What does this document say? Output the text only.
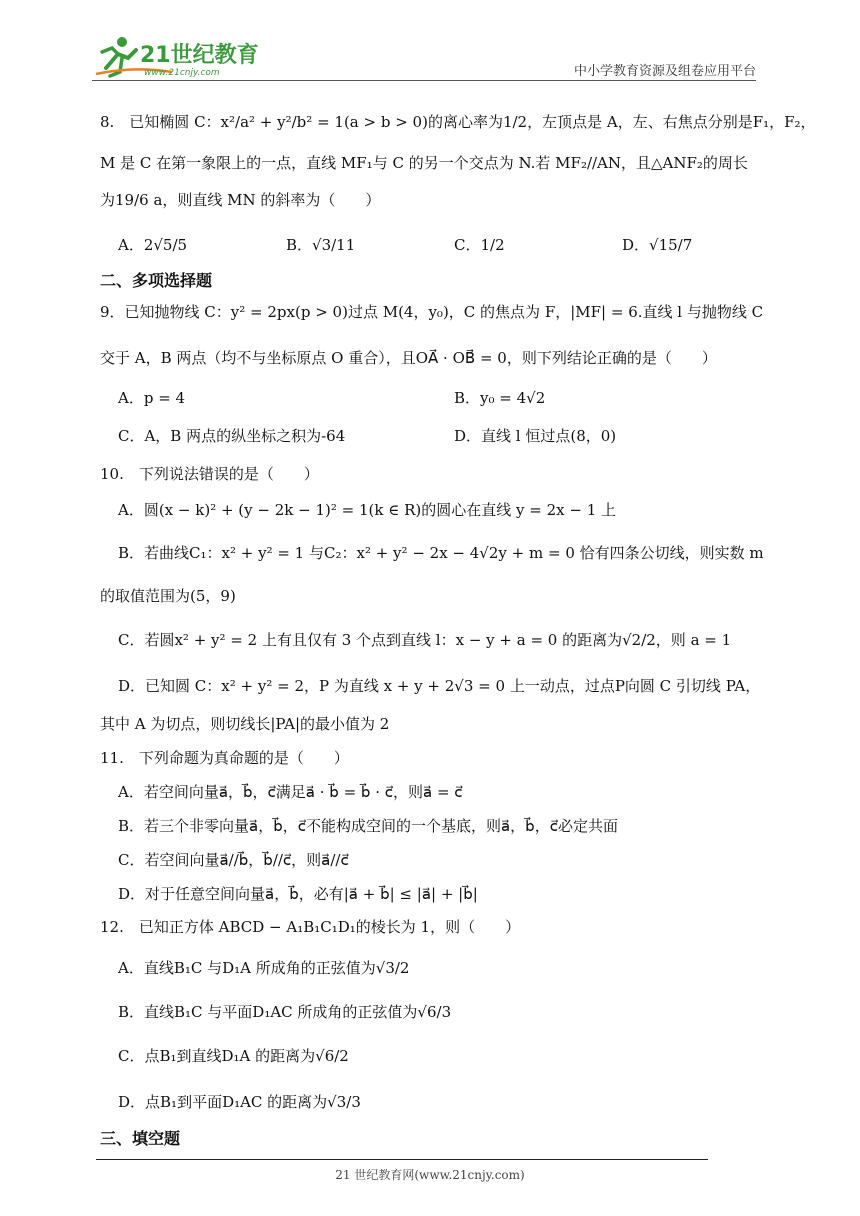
21世纪教育
www.21cnjy.com	中小学教育资源及组卷应用平台
8.　已知椭圆 C：x²/a² + y²/b² = 1(a > b > 0)的离心率为1/2，左顶点是 A，左、右焦点分别是F₁，F₂，
M 是 C 在第一象限上的一点，直线 MF₁与 C 的另一个交点为 N.若 MF₂//AN，且△ANF₂的周长
为19/6 a，则直线 MN 的斜率为（　　）
A．2√5/5	B．√3/11	C．1/2	D．√15/7
二、多项选择题
9．已知抛物线 C：y² = 2px(p > 0)过点 M(4，y₀)，C 的焦点为 F，|MF| = 6.直线 l 与抛物线 C
交于 A，B 两点（均不与坐标原点 O 重合），且OA⃗ · OB⃗ = 0，则下列结论正确的是（　　）
A．p = 4	B．y₀ = 4√2
C．A，B 两点的纵坐标之积为-64	D．直线 l 恒过点(8，0)
10.　下列说法错误的是（　　）
A．圆(x − k)² + (y − 2k − 1)² = 1(k ∈ R)的圆心在直线 y = 2x − 1 上
B．若曲线C₁：x² + y² = 1 与C₂：x² + y² − 2x − 4√2y + m = 0 恰有四条公切线，则实数 m
的取值范围为(5，9)
C．若圆x² + y² = 2 上有且仅有 3 个点到直线 l：x − y + a = 0 的距离为√2/2，则 a = 1
D．已知圆 C：x² + y² = 2，P 为直线 x + y + 2√3 = 0 上一动点，过点P向圆 C 引切线 PA，
其中 A 为切点，则切线长|PA|的最小值为 2
11.　下列命题为真命题的是（　　）
A．若空间向量a⃗，b⃗，c⃗满足a⃗ · b⃗ = b⃗ · c⃗，则a⃗ = c⃗
B．若三个非零向量a⃗，b⃗，c⃗不能构成空间的一个基底，则a⃗，b⃗，c⃗必定共面
C．若空间向量a⃗//b⃗，b⃗//c⃗，则a⃗//c⃗
D．对于任意空间向量a⃗，b⃗，必有|a⃗ + b⃗| ≤ |a⃗| + |b⃗|
12.　已知正方体 ABCD − A₁B₁C₁D₁的棱长为 1，则（　　）
A．直线B₁C 与D₁A 所成角的正弦值为√3/2
B．直线B₁C 与平面D₁AC 所成角的正弦值为√6/3
C．点B₁到直线D₁A 的距离为√6/2
D．点B₁到平面D₁AC 的距离为√3/3
三、填空题
21 世纪教育网(www.21cnjy.com)
